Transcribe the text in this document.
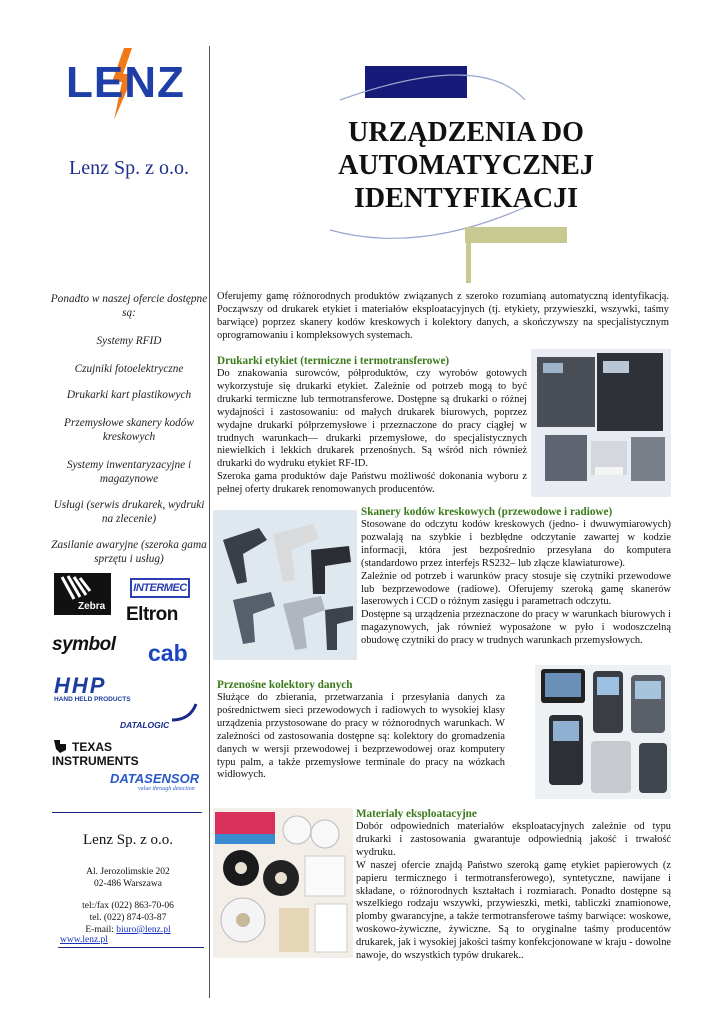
LENZ
Lenz Sp. z o.o.
URZĄDZENIA DO
AUTOMATYCZNEJ
IDENTYFIKACJI
Ponadto w naszej ofercie dostępne są:
Systemy RFID
Czujniki fotoelektryczne
Drukarki kart plastikowych
Przemysłowe skanery kodów kreskowych
Systemy inwentaryzacyjne i magazynowe
Usługi (serwis drukarek, wydruki na zlecenie)
Zasilanie awaryjne (szeroka gama sprzętu i usług)
Zebra
INTERMEC
Eltron
symbol cab
HHP
HAND HELD PRODUCTS
DATALOGIC
TEXAS
INSTRUMENTS
DATASENSOR
value through detection
Lenz Sp. z o.o.
Al. Jerozolimskie 202
02-486 Warszawa
tel:/fax (022) 863-70-06
tel. (022) 874-03-87
E-mail: biuro@lenz.pl
www.lenz.pl
Oferujemy gamę różnorodnych produktów związanych z szeroko rozumianą automatyczną identyfikacją. Począwszy od drukarek etykiet i materiałów eksploatacyjnych (tj. etykiety, przywieszki, wszywki, taśmy barwiące) poprzez skanery kodów kreskowych i kolektory danych, a skończywszy na specjalistycznym oprogramowaniu i kompleksowych systemach.
Drukarki etykiet (termiczne i termotransferowe)
Do znakowania surowców, półproduktów, czy wyrobów gotowych wykorzystuje się drukarki etykiet. Zależnie od potrzeb mogą to być drukarki termiczne lub termotransferowe. Dostępne są drukarki o różnej wydajności i zastosowaniu: od małych drukarek biurowych, poprzez wydajne drukarki półprzemysłowe i przeznaczone do pracy ciągłej w trudnych warunkach— drukarki przemysłowe, do specjalistycznych niewielkich i lekkich drukarek przenośnych. Są wśród nich również drukarki do wydruku etykiet RF-ID.
Szeroka gama produktów daje Państwu możliwość dokonania wyboru z pełnej oferty drukarek renomowanych producentów.
Skanery kodów kreskowych (przewodowe i radiowe)
Stosowane do odczytu kodów kreskowych (jedno- i dwuwymiarowych) pozwalają na szybkie i bezbłędne odczytanie zawartej w kodzie informacji, która jest bezpośrednio przesyłana do komputera (standardowo przez interfejs RS232– lub złącze klawiaturowe).
Zależnie od potrzeb i warunków pracy stosuje się czytniki przewodowe lub bezprzewodowe (radiowe). Oferujemy szeroką gamę skanerów laserowych i CCD o różnym zasięgu i parametrach odczytu.
Dostępne są urządzenia przeznaczone do pracy w warunkach biurowych i magazynowych, jak również wyposażone w pyło i wodoszczelną obudowę czytniki do pracy w trudnych warunkach przemysłowych.
Przenośne kolektory danych
Służące do zbierania, przetwarzania i przesyłania danych za pośrednictwem sieci przewodowych i radiowych to wysokiej klasy urządzenia przystosowane do pracy w różnorodnych warunkach. W zależności od zastosowania dostępne są: kolektory do gromadzenia danych w wersji przewodowej i bezprzewodowej oraz komputery typu palm, a także przemysłowe terminale do pracy na wózkach widłowych.
Materiały eksploatacyjne
Dobór odpowiednich materiałów eksploatacyjnych zależnie od typu drukarki i zastosowania gwarantuje odpowiednią jakość i trwałość wydruku.
W naszej ofercie znajdą Państwo szeroką gamę etykiet papierowych (z papieru termicznego i termotransferowego), syntetyczne, nawijane i składane, o różnorodnych kształtach i rozmiarach. Ponadto dostępne są wszelkiego rodzaju wszywki, przywieszki, metki, tabliczki znamionowe, plomby gwarancyjne, a także termotransferowe taśmy barwiące: woskowe, woskowo-żywiczne, żywiczne. Są to oryginalne taśmy producentów drukarek, jak i wysokiej jakości taśmy konfekcjonowane w kraju - dowolne nawoje, do wszystkich typów drukarek..
